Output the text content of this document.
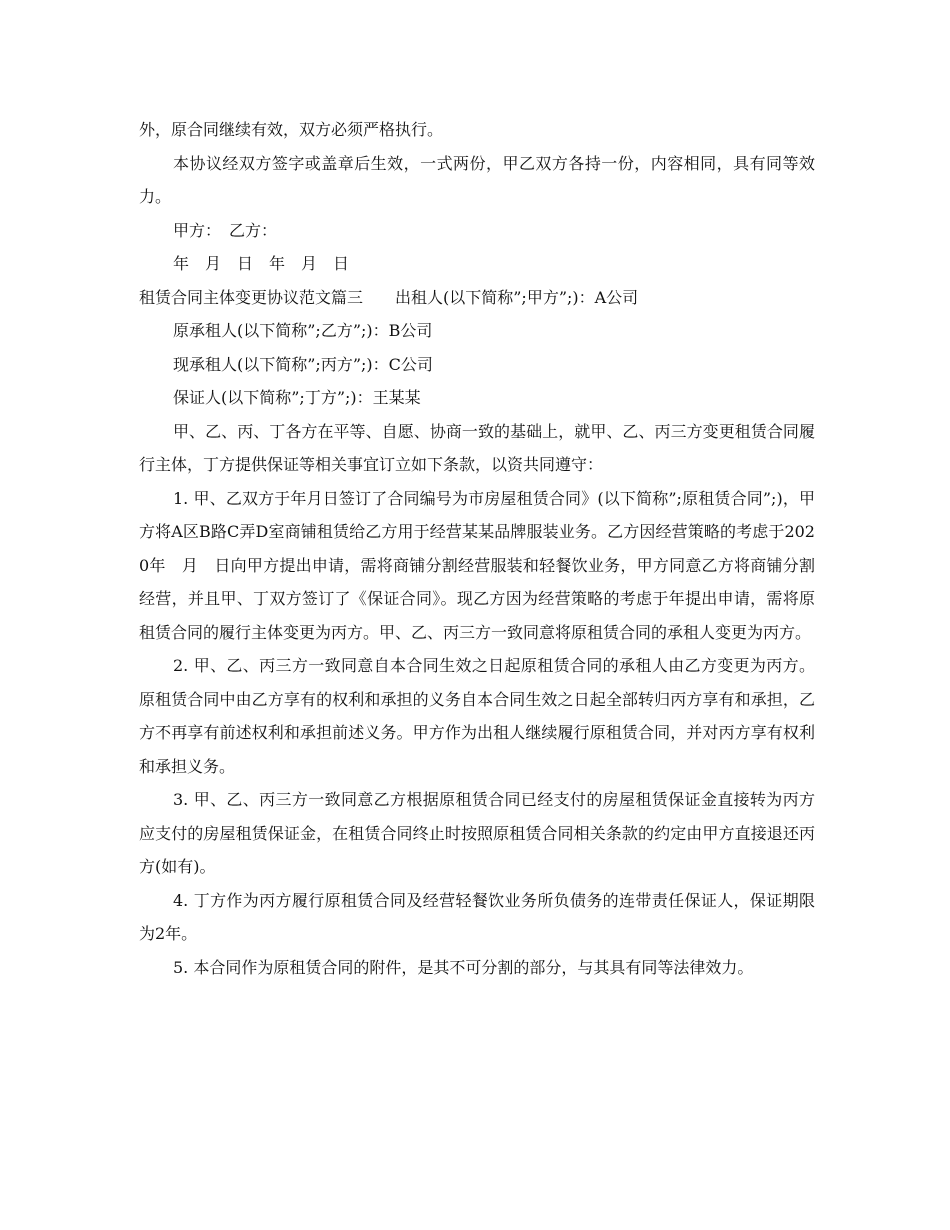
外，原合同继续有效，双方必须严格执行。

本协议经双方签字或盖章后生效，一式两份，甲乙双方各持一份，内容相同，具有同等效力。

甲方：　乙方：

年　月　日　年　月　日

租赁合同主体变更协议范文篇三　　出租人(以下简称”;甲方”;)：A公司

原承租人(以下简称”;乙方”;)：B公司

现承租人(以下简称”;丙方”;)：C公司

保证人(以下简称”;丁方”;)：王某某

甲、乙、丙、丁各方在平等、自愿、协商一致的基础上，就甲、乙、丙三方变更租赁合同履行主体，丁方提供保证等相关事宜订立如下条款，以资共同遵守：

1. 甲、乙双方于年月日签订了合同编号为市房屋租赁合同》(以下简称”;原租赁合同”;)，甲方将A区B路C弄D室商铺租赁给乙方用于经营某某品牌服装业务。乙方因经营策略的考虑于2020年　月　日向甲方提出申请，需将商铺分割经营服装和轻餐饮业务，甲方同意乙方将商铺分割经营，并且甲、丁双方签订了《保证合同》。现乙方因为经营策略的考虑于年提出申请，需将原租赁合同的履行主体变更为丙方。甲、乙、丙三方一致同意将原租赁合同的承租人变更为丙方。

2. 甲、乙、丙三方一致同意自本合同生效之日起原租赁合同的承租人由乙方变更为丙方。原租赁合同中由乙方享有的权利和承担的义务自本合同生效之日起全部转归丙方享有和承担，乙方不再享有前述权利和承担前述义务。甲方作为出租人继续履行原租赁合同，并对丙方享有权利和承担义务。

3. 甲、乙、丙三方一致同意乙方根据原租赁合同已经支付的房屋租赁保证金直接转为丙方应支付的房屋租赁保证金，在租赁合同终止时按照原租赁合同相关条款的约定由甲方直接退还丙方(如有)。

4. 丁方作为丙方履行原租赁合同及经营轻餐饮业务所负债务的连带责任保证人，保证期限为2年。

5. 本合同作为原租赁合同的附件，是其不可分割的部分，与其具有同等法律效力。
